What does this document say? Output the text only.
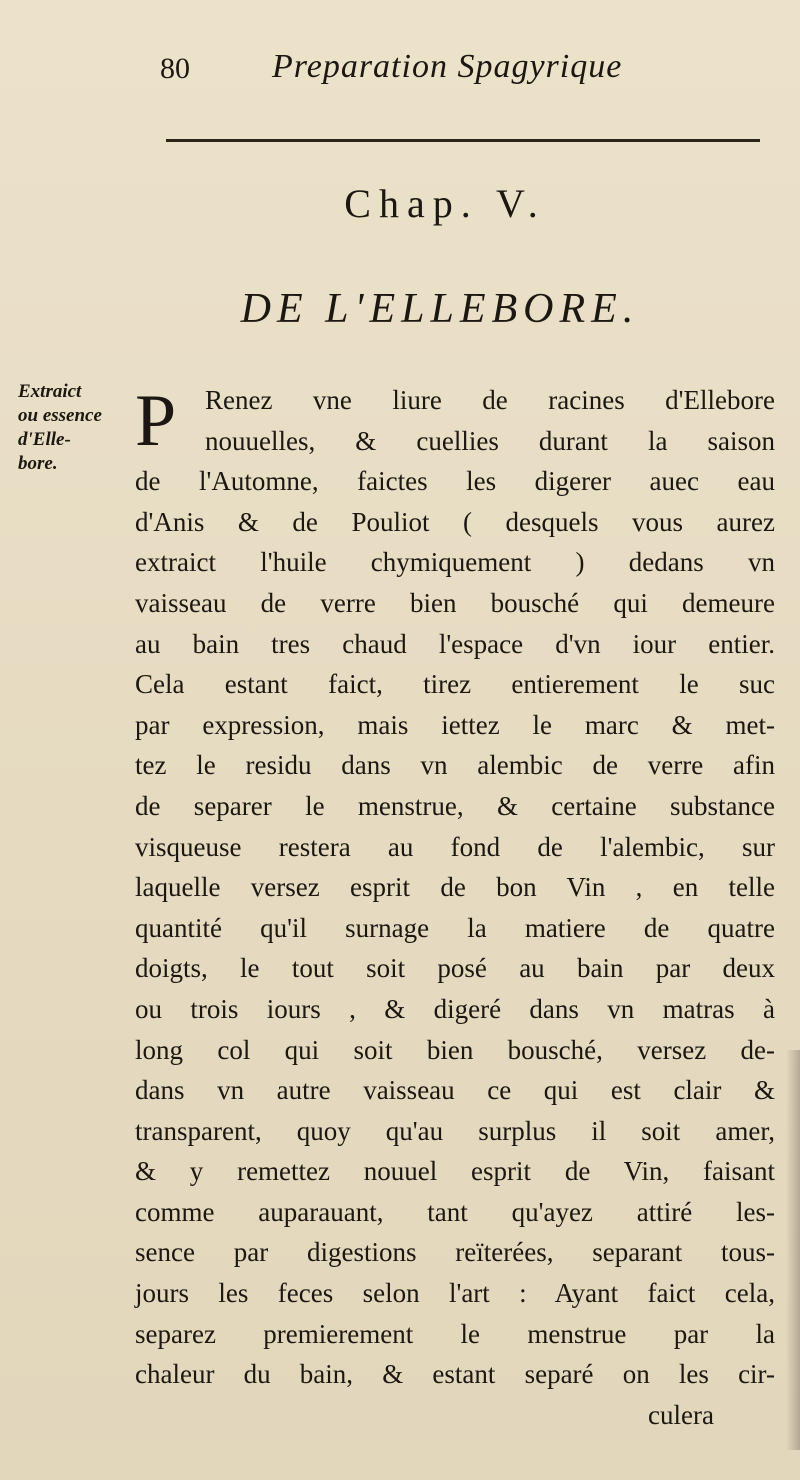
80 Preparation Spagyrique
Chap. V.
DE L'ELLEBORE.
Extraict
ou essence
d'Elle-
bore.
P	Renez vne liure de racines d'Ellebore
nouuelles, & cuellies durant la saison
de l'Automne, faictes les digerer auec eau
d'Anis & de Pouliot ( desquels vous aurez
extraict l'huile chymiquement ) dedans vn
vaisseau de verre bien bousché qui demeure
au bain tres chaud l'espace d'vn iour entier.
Cela estant faict, tirez entierement le suc
par expression, mais iettez le marc & met-
tez le residu dans vn alembic de verre afin
de separer le menstrue, & certaine substance
visqueuse restera au fond de l'alembic, sur
laquelle versez esprit de bon Vin , en telle
quantité qu'il surnage la matiere de quatre
doigts, le tout soit posé au bain par deux
ou trois iours , & digeré dans vn matras à
long col qui soit bien bousché, versez de-
dans vn autre vaisseau ce qui est clair &
transparent, quoy qu'au surplus il soit amer,
& y remettez nouuel esprit de Vin, faisant
comme auparauant, tant qu'ayez attiré les-
sence par digestions reïterées, separant tous-
jours les feces selon l'art : Ayant faict cela,
separez premierement le menstrue par la
chaleur du bain, & estant separé on les cir-
culera
